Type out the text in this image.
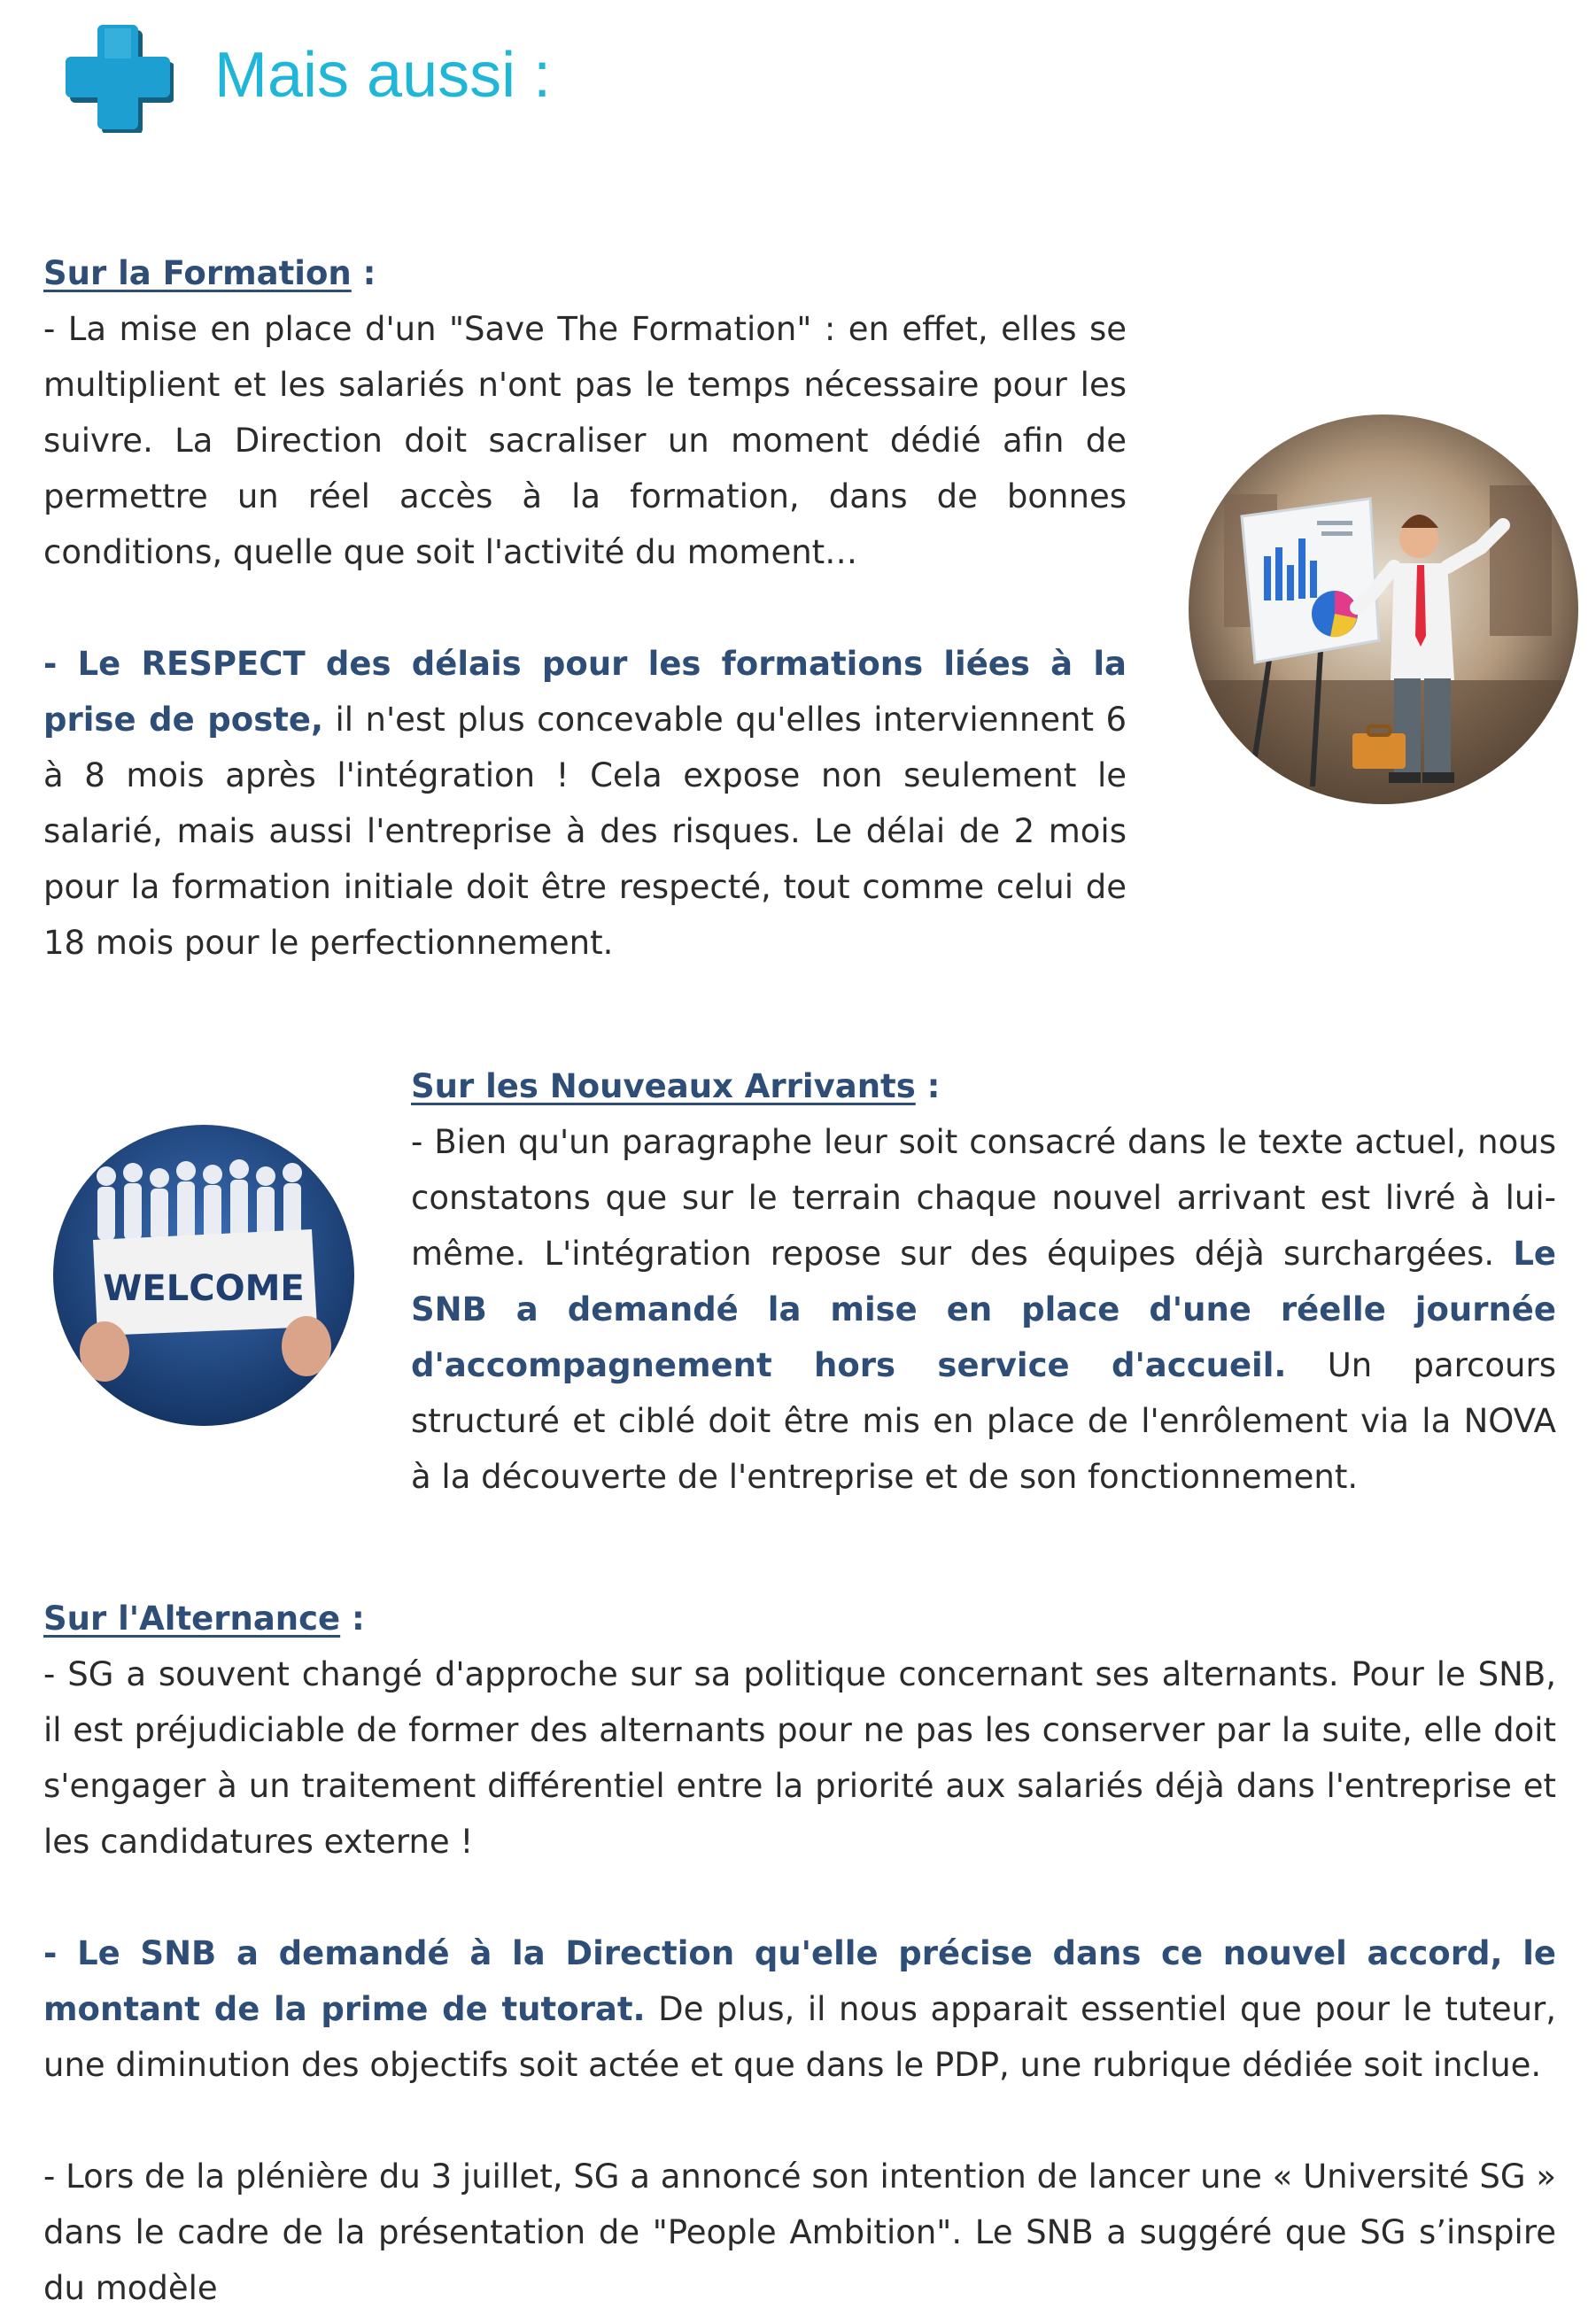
Mais aussi :

Sur la Formation :

- La mise en place d'un "Save The Formation" : en effet, elles se multiplient et les salariés n'ont pas le temps nécessaire pour les suivre. La Direction doit sacraliser un moment dédié afin de permettre un réel accès à la formation, dans de bonnes conditions, quelle que soit l'activité du moment…

- Le RESPECT des délais pour les formations liées à la prise de poste, il n'est plus concevable qu'elles interviennent 6 à 8 mois après l'intégration ! Cela expose non seulement le salarié, mais aussi l'entreprise à des risques. Le délai de 2 mois pour la formation initiale doit être respecté, tout comme celui de 18 mois pour le perfectionnement.

Sur les Nouveaux Arrivants :

- Bien qu'un paragraphe leur soit consacré dans le texte actuel, nous constatons que sur le terrain chaque nouvel arrivant est livré à lui-même. L'intégration repose sur des équipes déjà surchargées. Le SNB a demandé la mise en place d'une réelle journée d'accompagnement hors service d'accueil. Un parcours structuré et ciblé doit être mis en place de l'enrôlement via la NOVA à la découverte de l'entreprise et de son fonctionnement.

WELCOME

Sur l'Alternance :

- SG a souvent changé d'approche sur sa politique concernant ses alternants. Pour le SNB, il est préjudiciable de former des alternants pour ne pas les conserver par la suite, elle doit s'engager à un traitement différentiel entre la priorité aux salariés déjà dans l'entreprise et les candidatures externe !

- Le SNB a demandé à la Direction qu'elle précise dans ce nouvel accord, le montant de la prime de tutorat. De plus, il nous apparait essentiel que pour le tuteur, une diminution des objectifs soit actée et que dans le PDP, une rubrique dédiée soit inclue.

- Lors de la plénière du 3 juillet, SG a annoncé son intention de lancer une « Université SG » dans le cadre de la présentation de "People Ambition". Le SNB a suggéré que SG s’inspire du modèle
